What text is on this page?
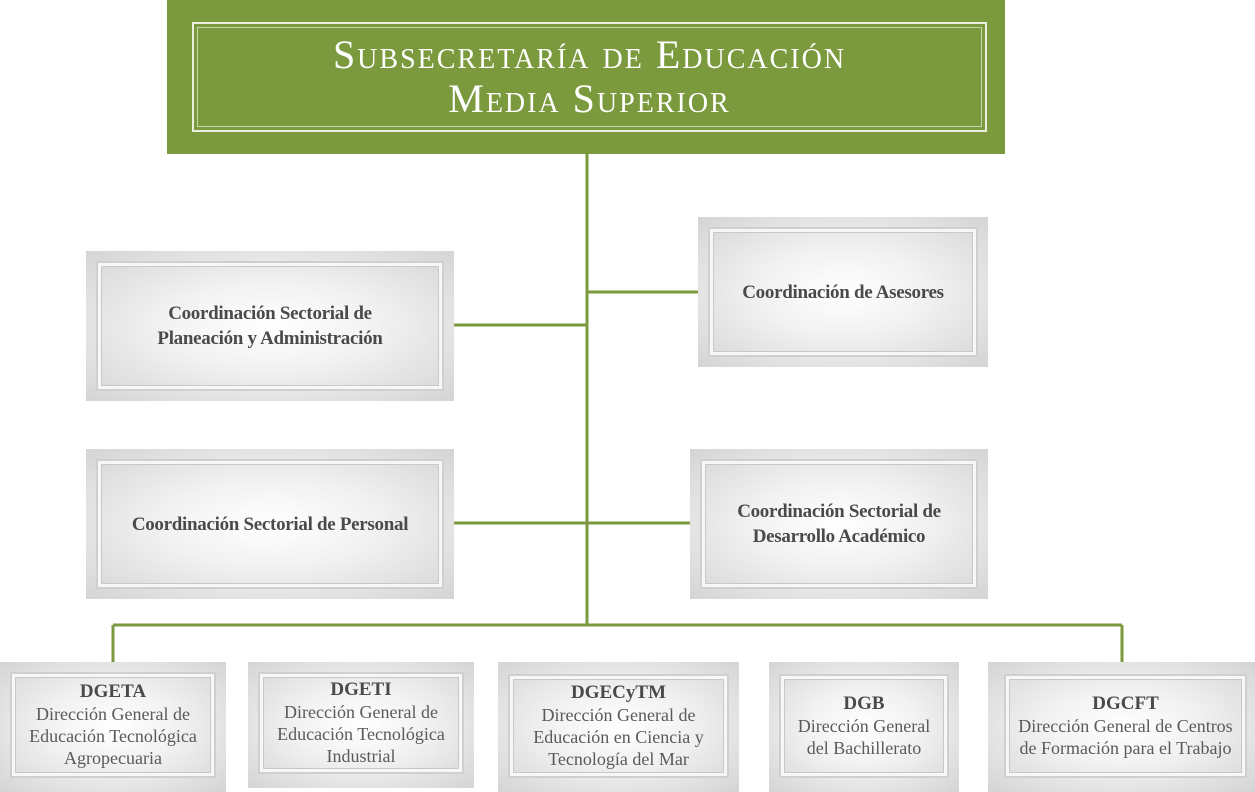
Subsecretaría de Educación
Media Superior
Coordinación Sectorial de
Planeación y Administración
Coordinación de Asesores
Coordinación Sectorial de Personal
Coordinación Sectorial de
Desarrollo Académico
DGETA
Dirección General de
Educación Tecnológica
Agropecuaria
DGETI
Dirección General de
Educación Tecnológica
Industrial
DGECyTM
Dirección General de
Educación en Ciencia y
Tecnología del Mar
DGB
Dirección General
del Bachillerato
DGCFT
Dirección General de Centros
de Formación para el Trabajo
